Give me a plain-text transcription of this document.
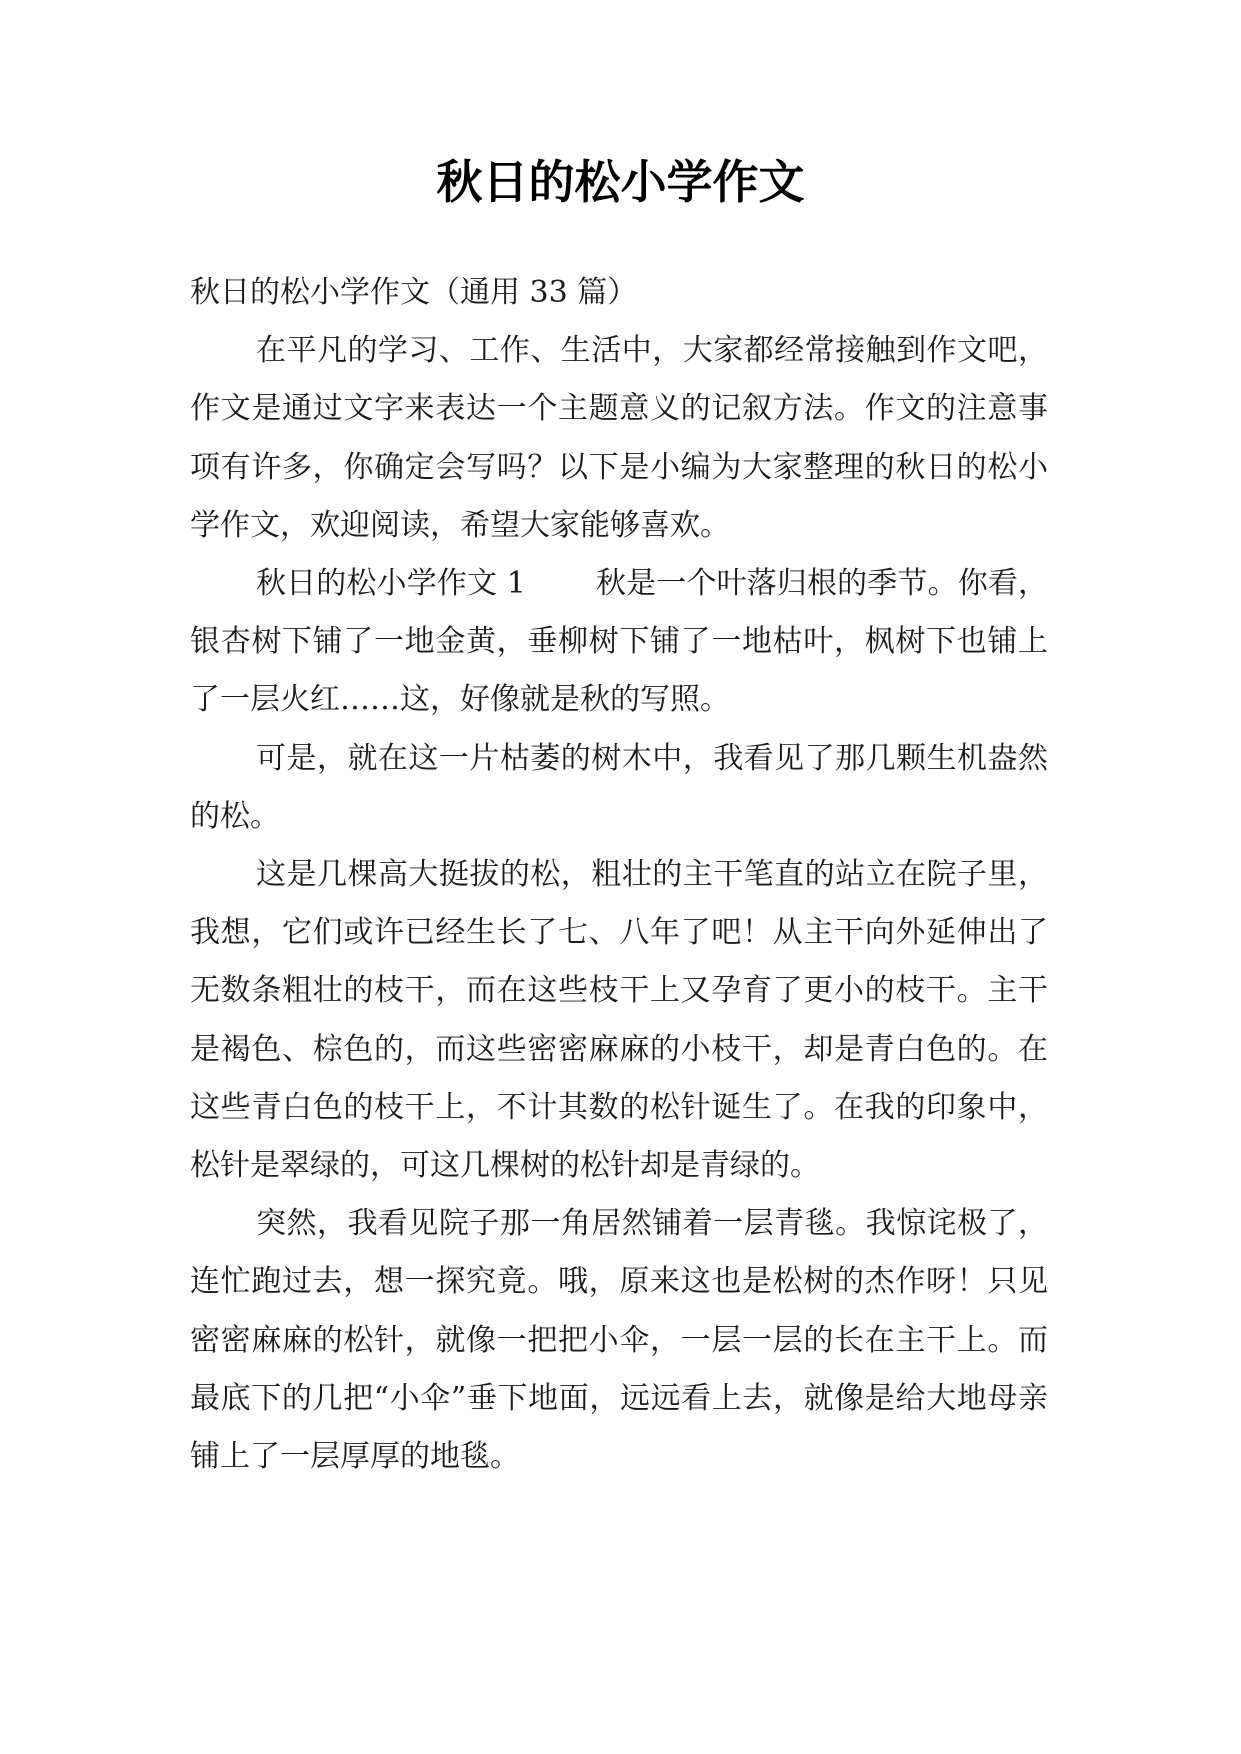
秋日的松小学作文

秋日的松小学作文（通用 33 篇）

在平凡的学习、工作、生活中，大家都经常接触到作文吧，作文是通过文字来表达一个主题意义的记叙方法。作文的注意事项有许多，你确定会写吗？以下是小编为大家整理的秋日的松小学作文，欢迎阅读，希望大家能够喜欢。

秋日的松小学作文 1 秋是一个叶落归根的季节。你看，银杏树下铺了一地金黄，垂柳树下铺了一地枯叶，枫树下也铺上了一层火红……这，好像就是秋的写照。

可是，就在这一片枯萎的树木中，我看见了那几颗生机盎然的松。

这是几棵高大挺拔的松，粗壮的主干笔直的站立在院子里，我想，它们或许已经生长了七、八年了吧！从主干向外延伸出了无数条粗壮的枝干，而在这些枝干上又孕育了更小的枝干。主干是褐色、棕色的，而这些密密麻麻的小枝干，却是青白色的。在这些青白色的枝干上，不计其数的松针诞生了。在我的印象中，松针是翠绿的，可这几棵树的松针却是青绿的。

突然，我看见院子那一角居然铺着一层青毯。我惊诧极了，连忙跑过去，想一探究竟。哦，原来这也是松树的杰作呀！只见密密麻麻的松针，就像一把把小伞，一层一层的长在主干上。而最底下的几把“小伞”垂下地面，远远看上去，就像是给大地母亲铺上了一层厚厚的地毯。
